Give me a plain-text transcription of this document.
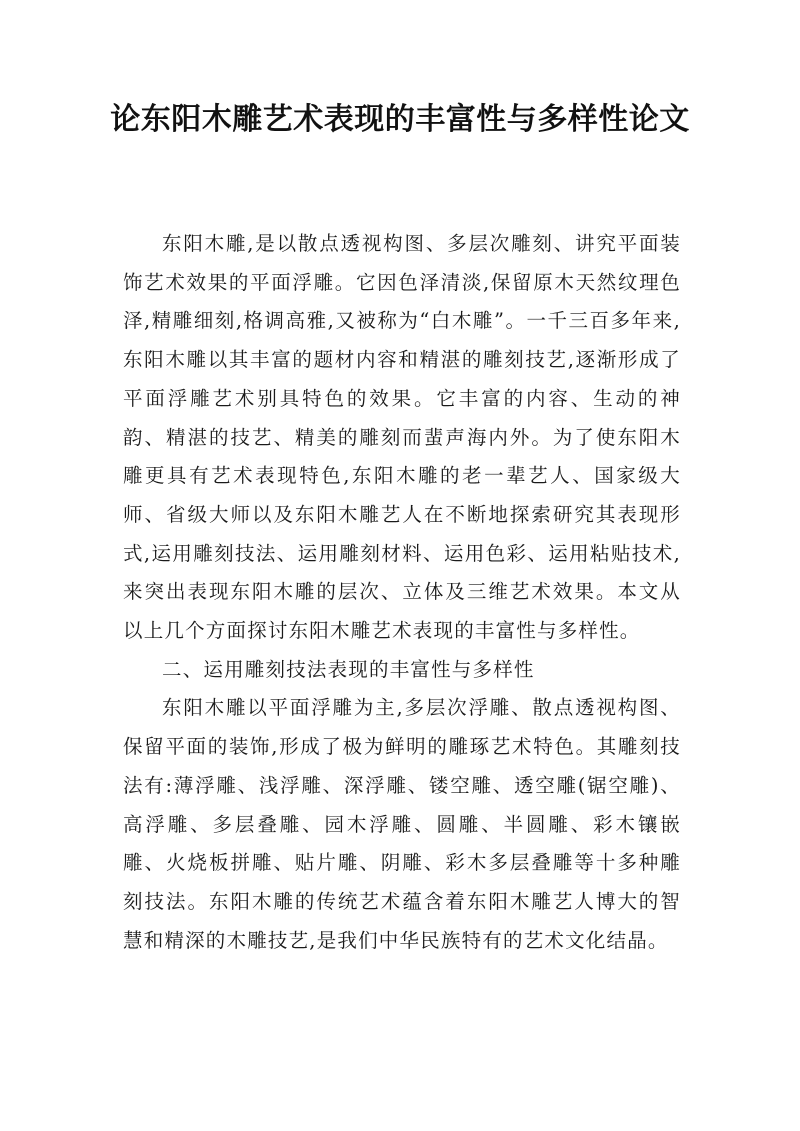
论东阳木雕艺术表现的丰富性与多样性论文

东阳木雕,是以散点透视构图、多层次雕刻、讲究平面装饰艺术效果的平面浮雕。它因色泽清淡,保留原木天然纹理色泽,精雕细刻,格调高雅,又被称为“白木雕”。一千三百多年来,东阳木雕以其丰富的题材内容和精湛的雕刻技艺,逐渐形成了平面浮雕艺术别具特色的效果。它丰富的内容、生动的神韵、精湛的技艺、精美的雕刻而蜚声海内外。为了使东阳木雕更具有艺术表现特色,东阳木雕的老一辈艺人、国家级大师、省级大师以及东阳木雕艺人在不断地探索研究其表现形式,运用雕刻技法、运用雕刻材料、运用色彩、运用粘贴技术,来突出表现东阳木雕的层次、立体及三维艺术效果。本文从以上几个方面探讨东阳木雕艺术表现的丰富性与多样性。

二、运用雕刻技法表现的丰富性与多样性

东阳木雕以平面浮雕为主,多层次浮雕、散点透视构图、保留平面的装饰,形成了极为鲜明的雕琢艺术特色。其雕刻技法有:薄浮雕、浅浮雕、深浮雕、镂空雕、透空雕(锯空雕)、高浮雕、多层叠雕、园木浮雕、圆雕、半圆雕、彩木镶嵌雕、火烧板拼雕、贴片雕、阴雕、彩木多层叠雕等十多种雕刻技法。东阳木雕的传统艺术蕴含着东阳木雕艺人博大的智慧和精深的木雕技艺,是我们中华民族特有的艺术文化结晶。
